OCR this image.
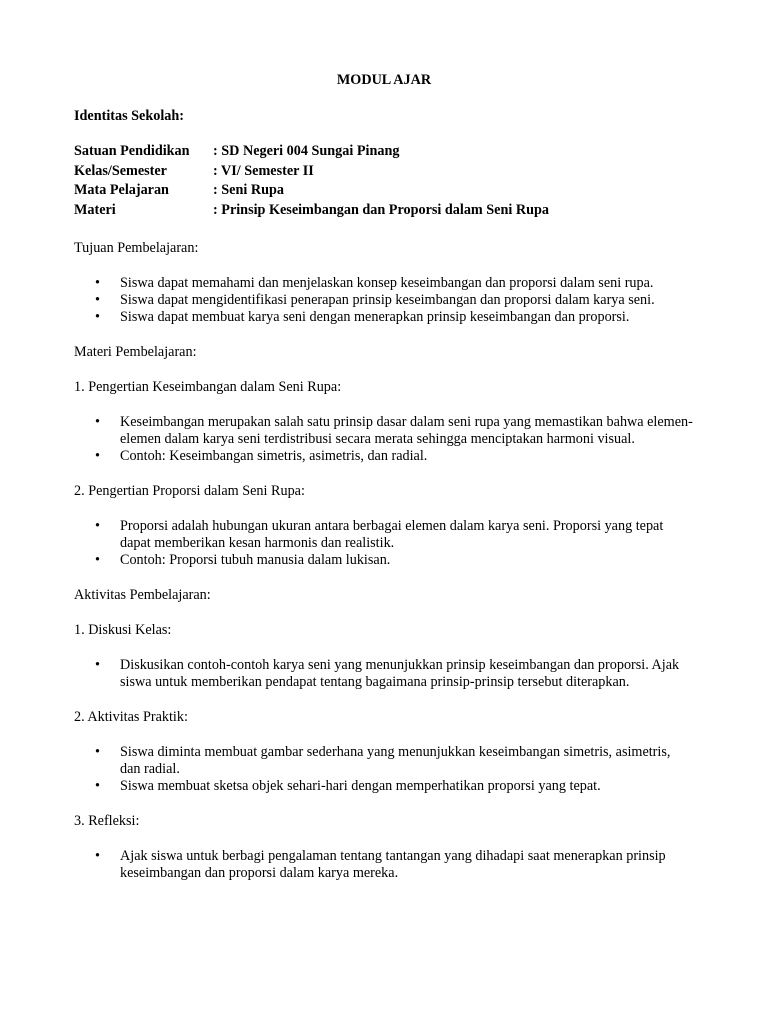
MODUL AJAR

Identitas Sekolah:

Satuan Pendidikan	: SD Negeri 004 Sungai Pinang
Kelas/Semester	: VI/ Semester II
Mata Pelajaran	: Seni Rupa
Materi	: Prinsip Keseimbangan dan Proporsi dalam Seni Rupa

Tujuan Pembelajaran:

• Siswa dapat memahami dan menjelaskan konsep keseimbangan dan proporsi dalam seni rupa.
• Siswa dapat mengidentifikasi penerapan prinsip keseimbangan dan proporsi dalam karya seni.
• Siswa dapat membuat karya seni dengan menerapkan prinsip keseimbangan dan proporsi.

Materi Pembelajaran:

1. Pengertian Keseimbangan dalam Seni Rupa:

• Keseimbangan merupakan salah satu prinsip dasar dalam seni rupa yang memastikan bahwa elemen-elemen dalam karya seni terdistribusi secara merata sehingga menciptakan harmoni visual.
• Contoh: Keseimbangan simetris, asimetris, dan radial.

2. Pengertian Proporsi dalam Seni Rupa:

• Proporsi adalah hubungan ukuran antara berbagai elemen dalam karya seni. Proporsi yang tepat dapat memberikan kesan harmonis dan realistik.
• Contoh: Proporsi tubuh manusia dalam lukisan.

Aktivitas Pembelajaran:

1. Diskusi Kelas:

• Diskusikan contoh-contoh karya seni yang menunjukkan prinsip keseimbangan dan proporsi. Ajak siswa untuk memberikan pendapat tentang bagaimana prinsip-prinsip tersebut diterapkan.

2. Aktivitas Praktik:

• Siswa diminta membuat gambar sederhana yang menunjukkan keseimbangan simetris, asimetris, dan radial.
• Siswa membuat sketsa objek sehari-hari dengan memperhatikan proporsi yang tepat.

3. Refleksi:

• Ajak siswa untuk berbagi pengalaman tentang tantangan yang dihadapi saat menerapkan prinsip keseimbangan dan proporsi dalam karya mereka.
